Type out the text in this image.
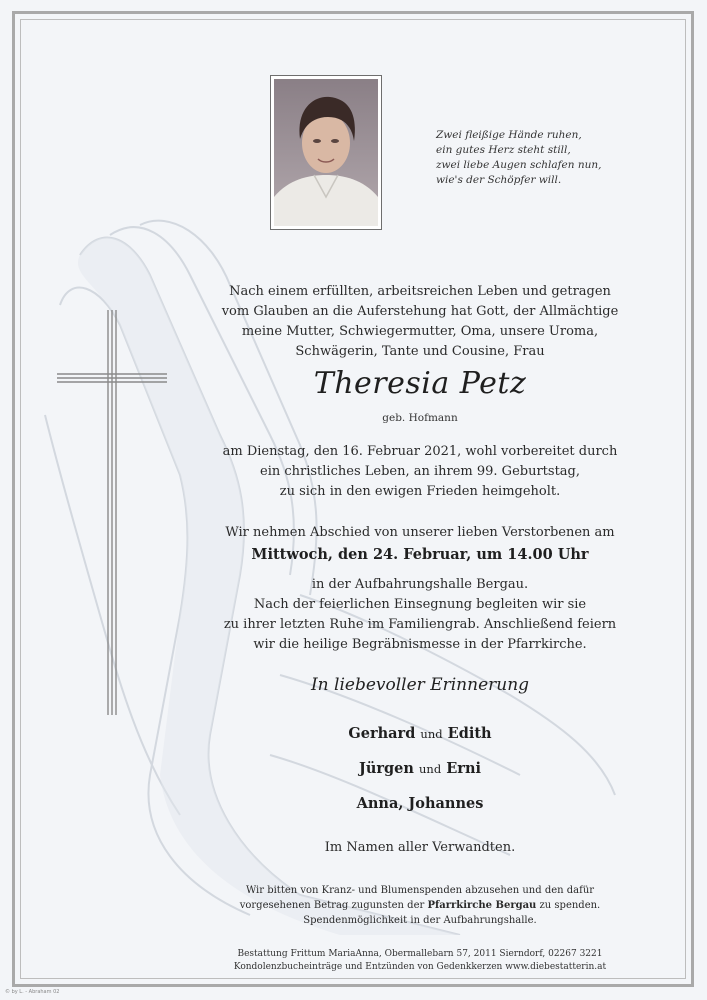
Zwei fleißige Hände ruhen,
ein gutes Herz steht still,
zwei liebe Augen schlafen nun,
wie's der Schöpfer will.
Nach einem erfüllten, arbeitsreichen Leben und getragen
vom Glauben an die Auferstehung hat Gott, der Allmächtige
meine Mutter, Schwiegermutter, Oma, unsere Uroma,
Schwägerin, Tante und Cousine, Frau
Theresia Petz
geb. Hofmann
am Dienstag, den 16. Februar 2021, wohl vorbereitet durch
ein christliches Leben, an ihrem 99. Geburtstag,
zu sich in den ewigen Frieden heimgeholt.
Wir nehmen Abschied von unserer lieben Verstorbenen am
Mittwoch, den 24. Februar, um 14.00 Uhr
in der Aufbahrungshalle Bergau.
Nach der feierlichen Einsegnung begleiten wir sie
zu ihrer letzten Ruhe im Familiengrab. Anschließend feiern
wir die heilige Begräbnismesse in der Pfarrkirche.
In liebevoller Erinnerung
Gerhard und Edith
Jürgen und Erni
Anna, Johannes
Im Namen aller Verwandten.
Wir bitten von Kranz- und Blumenspenden abzusehen und den dafür
vorgesehenen Betrag zugunsten der Pfarrkirche Bergau zu spenden.
Spendenmöglichkeit in der Aufbahrungshalle.
Bestattung Frittum MariaAnna, Obermallebarn 57, 2011 Sierndorf, 02267 3221
Kondolenzbucheinträge und Entzünden von Gedenkkerzen www.diebestatterin.at
© by L. - Abraham 02
